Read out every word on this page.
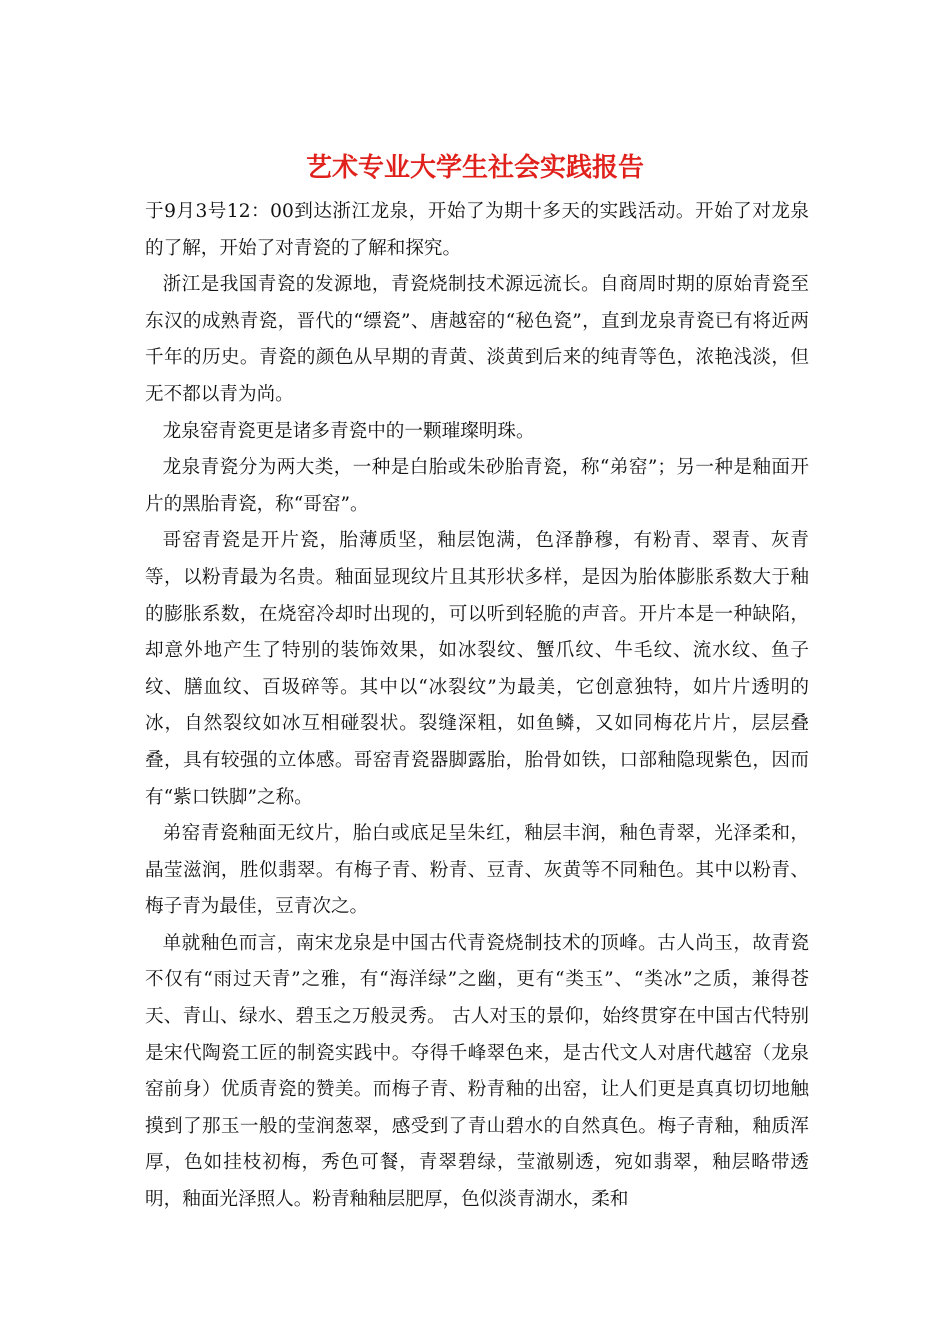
艺术专业大学生社会实践报告

于9月3号12：00到达浙江龙泉，开始了为期十多天的实践活动。开始了对龙泉的了解，开始了对青瓷的了解和探究。

浙江是我国青瓷的发源地，青瓷烧制技术源远流长。自商周时期的原始青瓷至东汉的成熟青瓷，晋代的“缥瓷”、唐越窑的“秘色瓷”，直到龙泉青瓷已有将近两千年的历史。青瓷的颜色从早期的青黄、淡黄到后来的纯青等色，浓艳浅淡，但无不都以青为尚。

龙泉窑青瓷更是诸多青瓷中的一颗璀璨明珠。

龙泉青瓷分为两大类，一种是白胎或朱砂胎青瓷，称“弟窑”；另一种是釉面开片的黑胎青瓷，称“哥窑”。

哥窑青瓷是开片瓷，胎薄质坚，釉层饱满，色泽静穆，有粉青、翠青、灰青等，以粉青最为名贵。釉面显现纹片且其形状多样，是因为胎体膨胀系数大于釉的膨胀系数，在烧窑冷却时出现的，可以听到轻脆的声音。开片本是一种缺陷，却意外地产生了特别的装饰效果，如冰裂纹、蟹爪纹、牛毛纹、流水纹、鱼子纹、膳血纹、百圾碎等。其中以“冰裂纹”为最美，它创意独特，如片片透明的冰，自然裂纹如冰互相碰裂状。裂缝深粗，如鱼鳞，又如同梅花片片，层层叠叠，具有较强的立体感。哥窑青瓷器脚露胎，胎骨如铁，口部釉隐现紫色，因而有“紫口铁脚”之称。

弟窑青瓷釉面无纹片，胎白或底足呈朱红，釉层丰润，釉色青翠，光泽柔和，晶莹滋润，胜似翡翠。有梅子青、粉青、豆青、灰黄等不同釉色。其中以粉青、梅子青为最佳，豆青次之。

单就釉色而言，南宋龙泉是中国古代青瓷烧制技术的顶峰。古人尚玉，故青瓷不仅有“雨过天青”之雅，有“海洋绿”之幽，更有“类玉”、“类冰”之质，兼得苍天、青山、绿水、碧玉之万般灵秀。 古人对玉的景仰，始终贯穿在中国古代特别是宋代陶瓷工匠的制瓷实践中。夺得千峰翠色来，是古代文人对唐代越窑（龙泉窑前身）优质青瓷的赞美。而梅子青、粉青釉的出窑，让人们更是真真切切地触摸到了那玉一般的莹润葱翠，感受到了青山碧水的自然真色。梅子青釉，釉质浑厚，色如挂枝初梅，秀色可餐，青翠碧绿，莹澈剔透，宛如翡翠，釉层略带透明，釉面光泽照人。粉青釉釉层肥厚，色似淡青湖水，柔和
